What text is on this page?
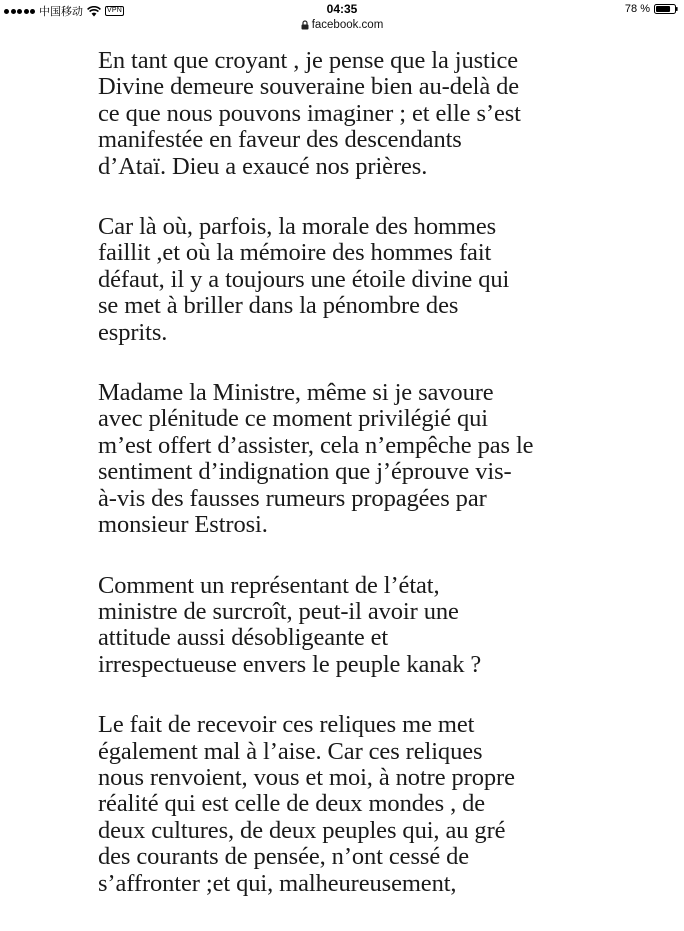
中国移动	VPN	04:35	78 %
facebook.com

En tant que croyant , je pense que la justice
Divine demeure souveraine bien au-delà de
ce que nous pouvons imaginer ; et elle s’est
manifestée en faveur des descendants
d’Ataï. Dieu a exaucé nos prières.

Car là où, parfois, la morale des hommes
faillit ,et où la mémoire des hommes fait
défaut, il y a toujours une étoile divine qui
se met à briller dans la pénombre des
esprits.

Madame la Ministre, même si je savoure
avec plénitude ce moment privilégié qui
m’est offert d’assister, cela n’empêche pas le
sentiment d’indignation que j’éprouve vis-
à-vis des fausses rumeurs propagées par
monsieur Estrosi.

Comment un représentant de l’état,
ministre de surcroît, peut-il avoir une
attitude aussi désobligeante et
irrespectueuse envers le peuple kanak ?

Le fait de recevoir ces reliques me met
également mal à l’aise. Car ces reliques
nous renvoient, vous et moi, à notre propre
réalité qui est celle de deux mondes , de
deux cultures, de deux peuples qui, au gré
des courants de pensée, n’ont cessé de
s’affronter ;et qui, malheureusement,
